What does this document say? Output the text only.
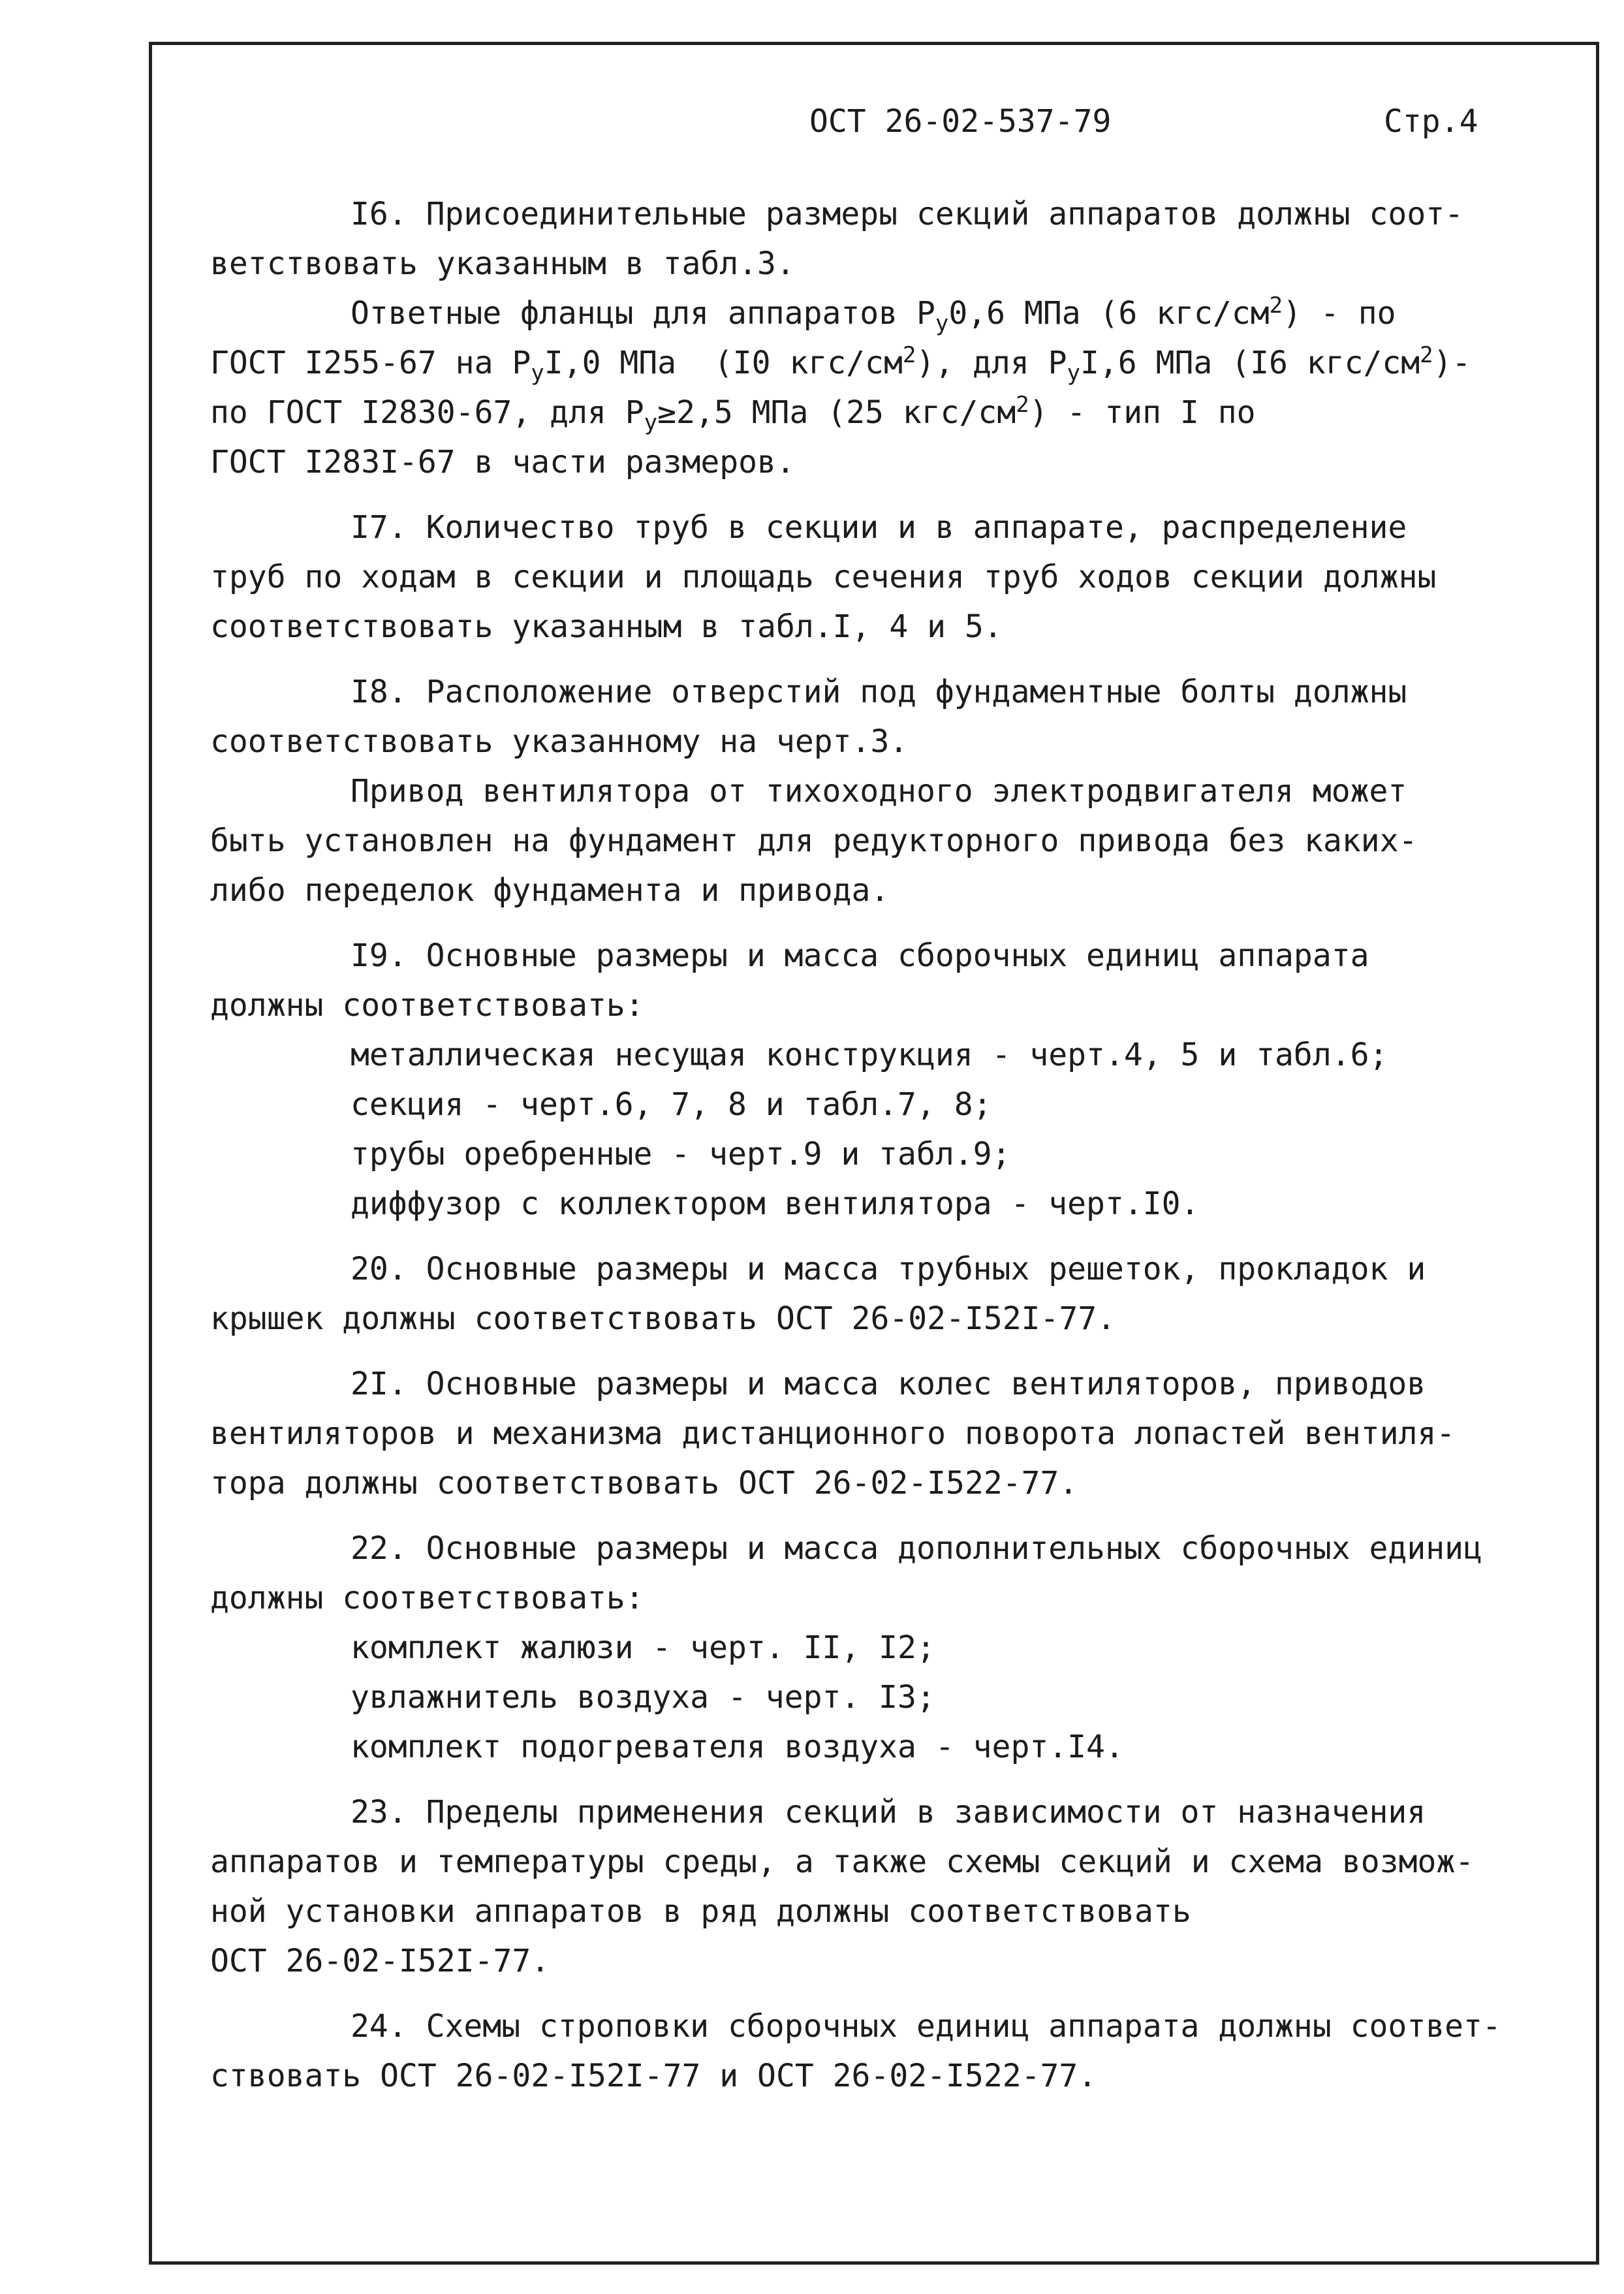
ОСТ 26-02-537-79	Стр.4
I6. Присоединительные размеры секций аппаратов должны соот-
ветствовать указанным в табл.3.
Ответные фланцы для аппаратов $P_у0,6$ МПа (6 кгс/$см^2$) - по
ГОСТ I255-67 на $P_уI,0$ МПа  (I0 кгс/$см^2$), для $P_уI,6$ МПа (I6 кгс/$см^2)-$
по ГОСТ I2830-67, для $P_у\ge 2,5$ МПа (25 кгс/$см^2$) - тип I по
ГОСТ I283I-67 в части размеров.
I7. Количество труб в секции и в аппарате, распределение
труб по ходам в секции и площадь сечения труб ходов секции должны
соответствовать указанным в табл.I, 4 и 5.
I8. Расположение отверстий под фундаментные болты должны
соответствовать указанному на черт.3.
Привод вентилятора от тихоходного электродвигателя может
быть установлен на фундамент для редукторного привода без каких-
либо переделок фундамента и привода.
I9. Основные размеры и масса сборочных единиц аппарата
должны соответствовать:
металлическая несущая конструкция - черт.4, 5 и табл.6;
секция - черт.6, 7, 8 и табл.7, 8;
трубы оребренные - черт.9 и табл.9;
диффузор с коллектором вентилятора - черт.I0.
20. Основные размеры и масса трубных решеток, прокладок и
крышек должны соответствовать ОСТ 26-02-I52I-77.
2I. Основные размеры и масса колес вентиляторов, приводов
вентиляторов и механизма дистанционного поворота лопастей вентиля-
тора должны соответствовать ОСТ 26-02-I522-77.
22. Основные размеры и масса дополнительных сборочных единиц
должны соответствовать:
комплект жалюзи - черт. II, I2;
увлажнитель воздуха - черт. I3;
комплект подогревателя воздуха - черт.I4.
23. Пределы применения секций в зависимости от назначения
аппаратов и температуры среды, а также схемы секций и схема возмож-
ной установки аппаратов в ряд должны соответствовать
ОСТ 26-02-I52I-77.
24. Схемы строповки сборочных единиц аппарата должны соответ-
ствовать ОСТ 26-02-I52I-77 и ОСТ 26-02-I522-77.
